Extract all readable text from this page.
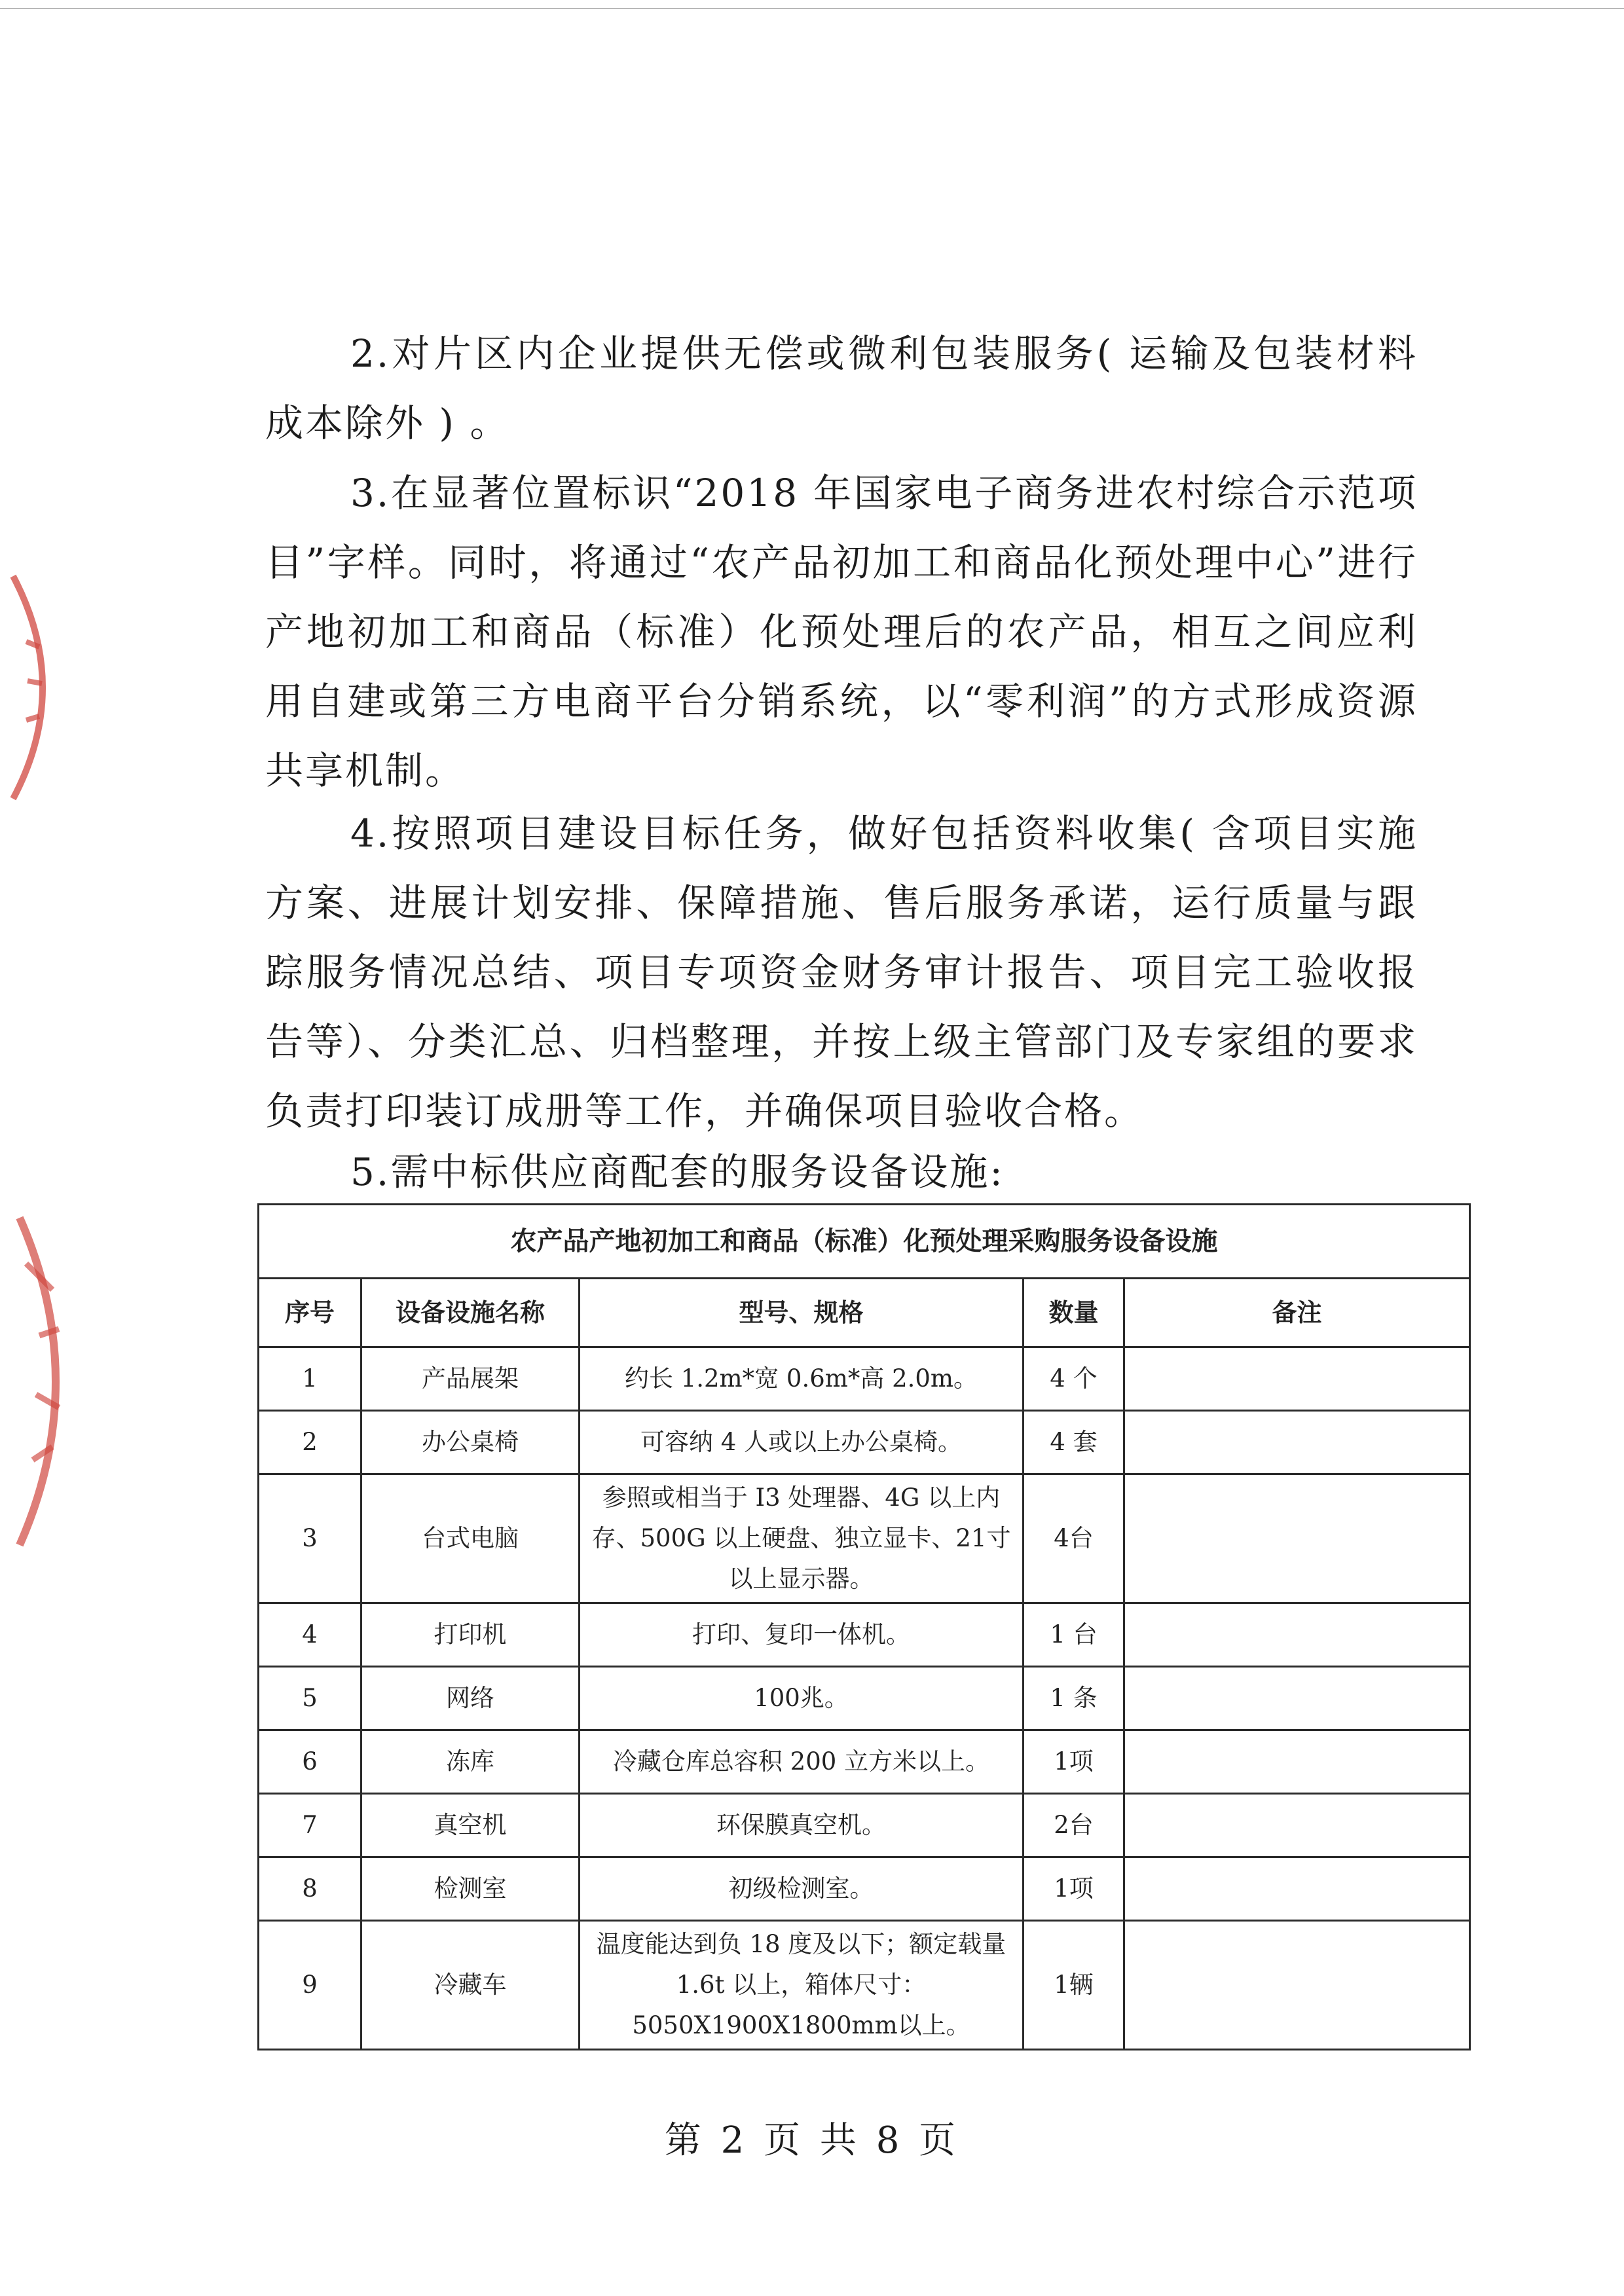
2.对片区内企业提供无偿或微利包装服务( 运输及包装材料成本除外 ) 。

3.在显著位置标识“2018 年国家电子商务进农村综合示范项目”字样。同时，将通过“农产品初加工和商品化预处理中心”进行产地初加工和商品（标准）化预处理后的农产品，相互之间应利用自建或第三方电商平台分销系统，以“零利润”的方式形成资源共享机制。

4.按照项目建设目标任务，做好包括资料收集( 含项目实施方案、进展计划安排、保障措施、售后服务承诺，运行质量与跟踪服务情况总结、项目专项资金财务审计报告、项目完工验收报告等）、分类汇总、归档整理，并按上级主管部门及专家组的要求负责打印装订成册等工作，并确保项目验收合格。

5.需中标供应商配套的服务设备设施:

农产品产地初加工和商品（标准）化预处理采购服务设备设施				
序号	设备设施名称	型号、规格	数量	备注
1	产品展架	约长 1.2m*宽 0.6m*高 2.0m。	4 个	
2	办公桌椅	可容纳 4 人或以上办公桌椅。	4 套	
3	台式电脑	参照或相当于 I3 处理器、4G 以上内存、500G 以上硬盘、独立显卡、21寸以上显示器。	4台	
4	打印机	打印、复印一体机。	1 台	
5	网络	100兆。	1 条	
6	冻库	冷藏仓库总容积 200 立方米以上。	1项	
7	真空机	环保膜真空机。	2台	
8	检测室	初级检测室。	1项	
9	冷藏车	温度能达到负 18 度及以下；额定载量 1.6t 以上，箱体尺寸：5050X1900X1800mm以上。	1辆	
第 2 页 共 8 页
